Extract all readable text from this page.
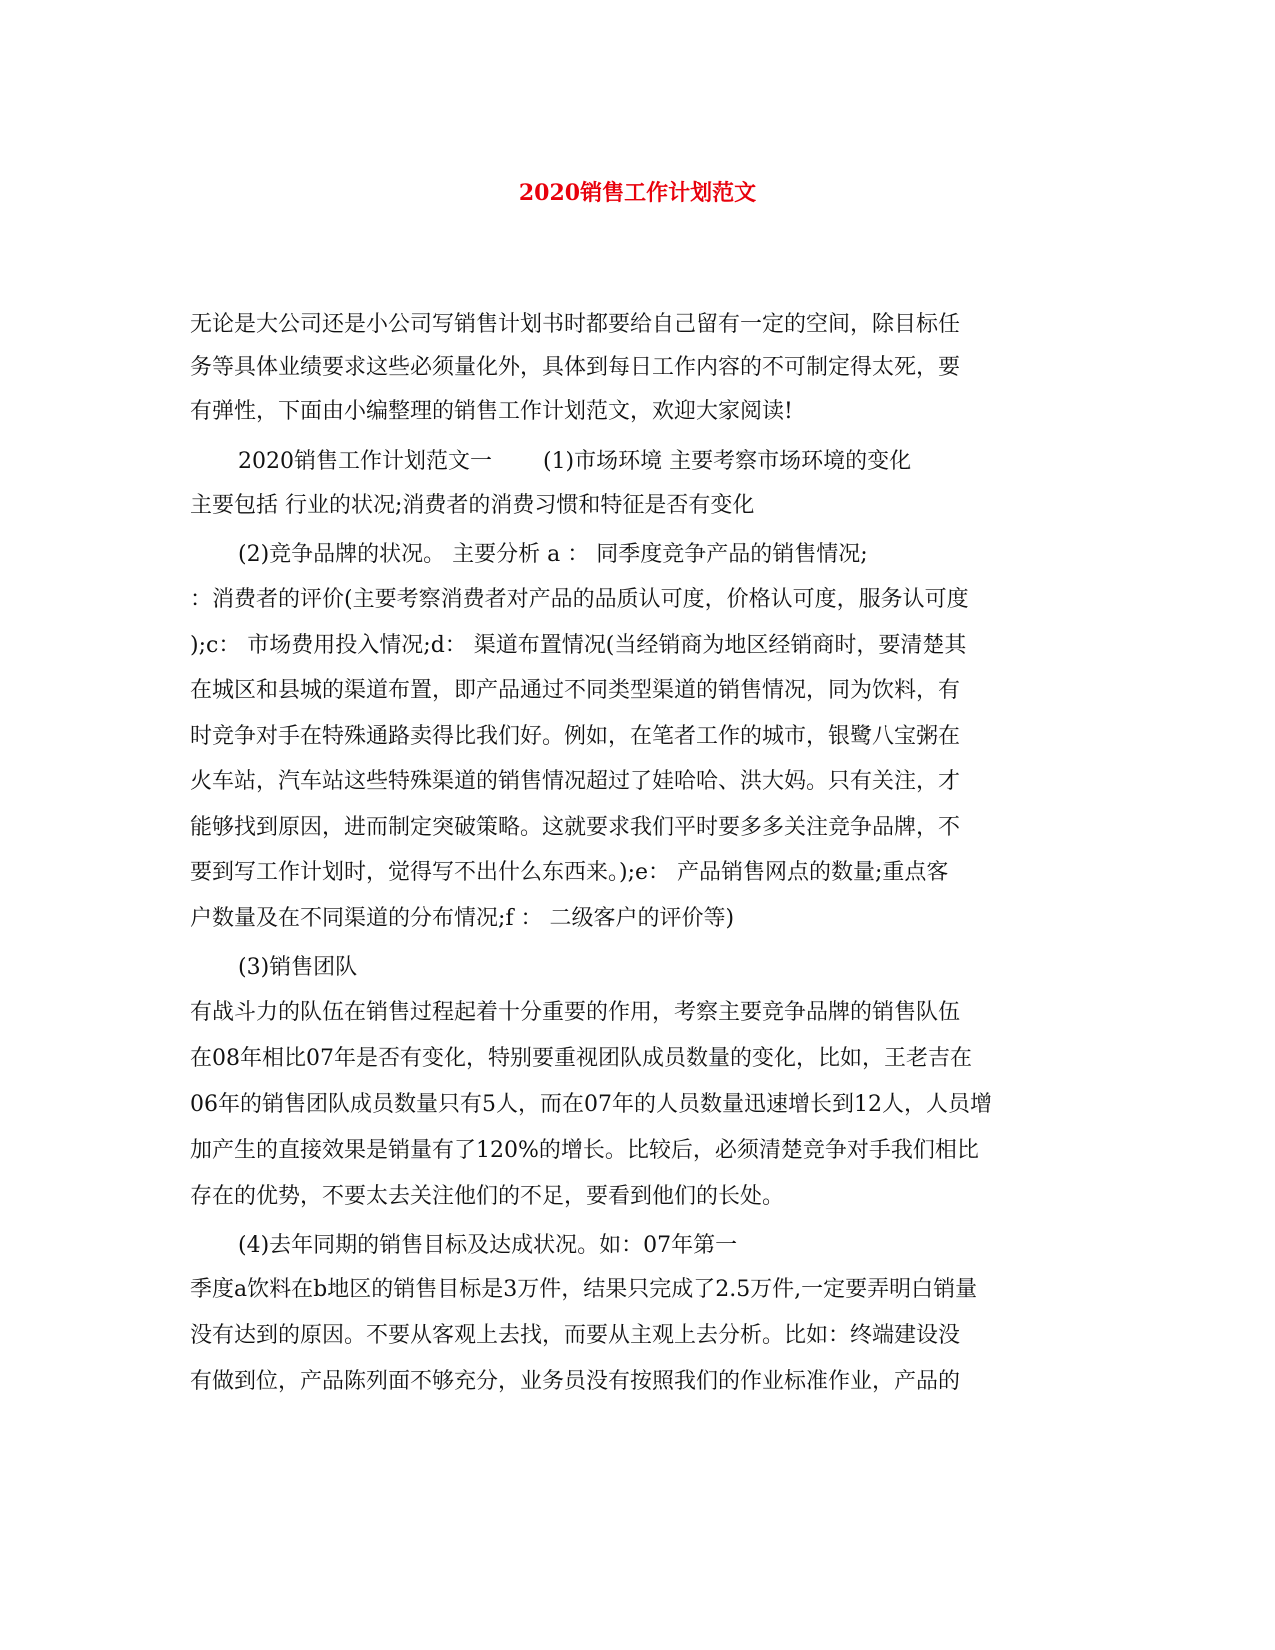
2020销售工作计划范文
无论是大公司还是小公司写销售计划书时都要给自己留有一定的空间，除目标任
务等具体业绩要求这些必须量化外，具体到每日工作内容的不可制定得太死，要
有弹性，下面由小编整理的销售工作计划范文，欢迎大家阅读!
2020销售工作计划范文一　　 (1)市场环境 主要考察市场环境的变化
主要包括 行业的状况;消费者的消费习惯和特征是否有变化
(2)竞争品牌的状况。 主要分析 a ： 同季度竞争产品的销售情况;
：消费者的评价(主要考察消费者对产品的品质认可度，价格认可度，服务认可度
);c： 市场费用投入情况;d： 渠道布置情况(当经销商为地区经销商时，要清楚其
在城区和县城的渠道布置，即产品通过不同类型渠道的销售情况，同为饮料，有
时竞争对手在特殊通路卖得比我们好。例如，在笔者工作的城市，银鹭八宝粥在
火车站，汽车站这些特殊渠道的销售情况超过了娃哈哈、洪大妈。只有关注，才
能够找到原因，进而制定突破策略。这就要求我们平时要多多关注竞争品牌，不
要到写工作计划时，觉得写不出什么东西来。);e： 产品销售网点的数量;重点客
户数量及在不同渠道的分布情况;f ： 二级客户的评价等)
(3)销售团队
有战斗力的队伍在销售过程起着十分重要的作用，考察主要竞争品牌的销售队伍
在08年相比07年是否有变化，特别要重视团队成员数量的变化，比如，王老吉在
06年的销售团队成员数量只有5人，而在07年的人员数量迅速增长到12人，人员增
加产生的直接效果是销量有了120%的增长。比较后，必须清楚竞争对手我们相比
存在的优势，不要太去关注他们的不足，要看到他们的长处。
(4)去年同期的销售目标及达成状况。如：07年第一
季度a饮料在b地区的销售目标是3万件，结果只完成了2.5万件,一定要弄明白销量
没有达到的原因。不要从客观上去找，而要从主观上去分析。比如：终端建设没
有做到位，产品陈列面不够充分，业务员没有按照我们的作业标准作业，产品的
